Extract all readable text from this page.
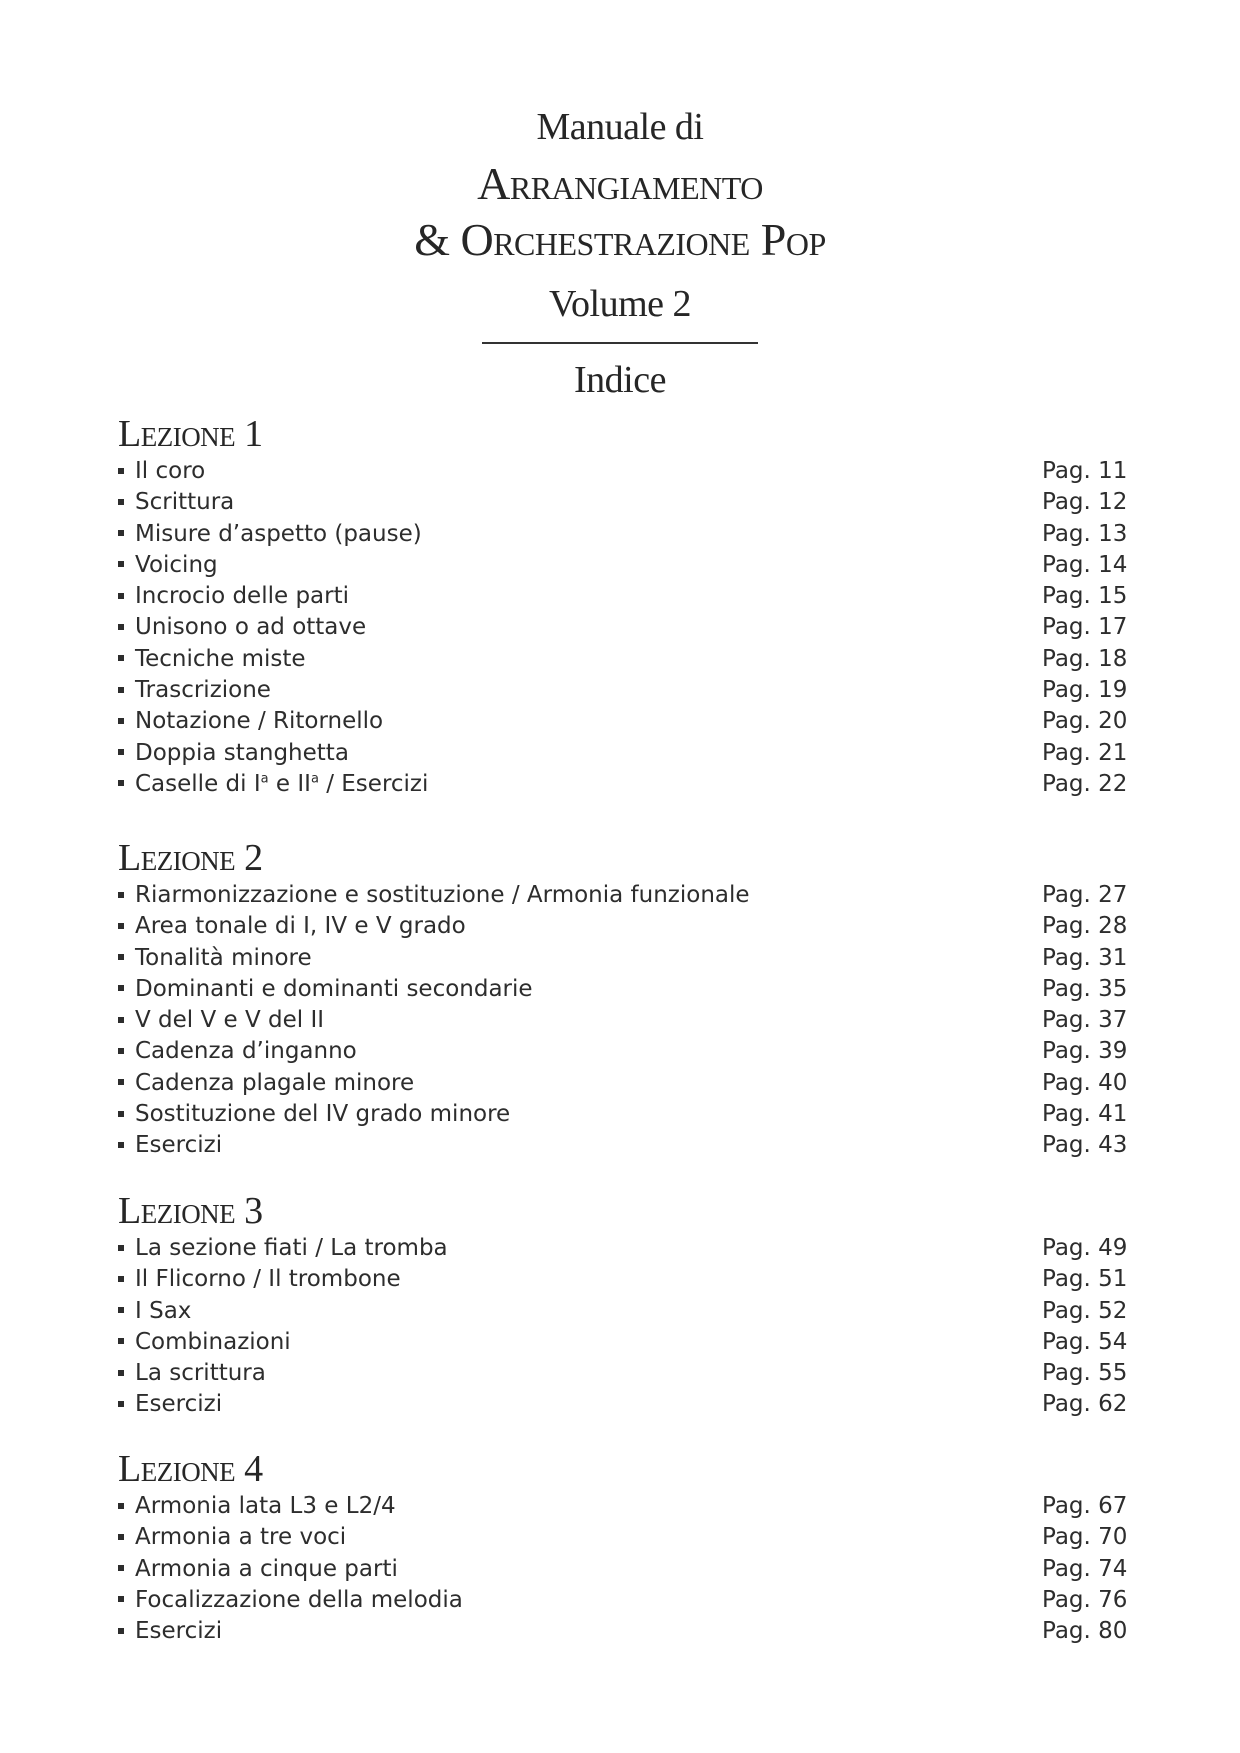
Manuale di
Arrangiamento
& Orchestrazione Pop
Volume 2
Indice
Lezione 1
Il coro	Pag. 11
Scrittura	Pag. 12
Misure d’aspetto (pause)	Pag. 13
Voicing	Pag. 14
Incrocio delle parti	Pag. 15
Unisono o ad ottave	Pag. 17
Tecniche miste	Pag. 18
Trascrizione	Pag. 19
Notazione / Ritornello	Pag. 20
Doppia stanghetta	Pag. 21
Caselle di $I^a$ e $II^a$ / Esercizi	Pag. 22
Lezione 2
Riarmonizzazione e sostituzione / Armonia funzionale	Pag. 27
Area tonale di I, IV e V grado	Pag. 28
Tonalità minore	Pag. 31
Dominanti e dominanti secondarie	Pag. 35
V del V e V del II	Pag. 37
Cadenza d’inganno	Pag. 39
Cadenza plagale minore	Pag. 40
Sostituzione del IV grado minore	Pag. 41
Esercizi	Pag. 43
Lezione 3
La sezione fiati / La tromba	Pag. 49
Il Flicorno / Il trombone	Pag. 51
I Sax	Pag. 52
Combinazioni	Pag. 54
La scrittura	Pag. 55
Esercizi	Pag. 62
Lezione 4
Armonia lata L3 e L2/4	Pag. 67
Armonia a tre voci	Pag. 70
Armonia a cinque parti	Pag. 74
Focalizzazione della melodia	Pag. 76
Esercizi	Pag. 80
